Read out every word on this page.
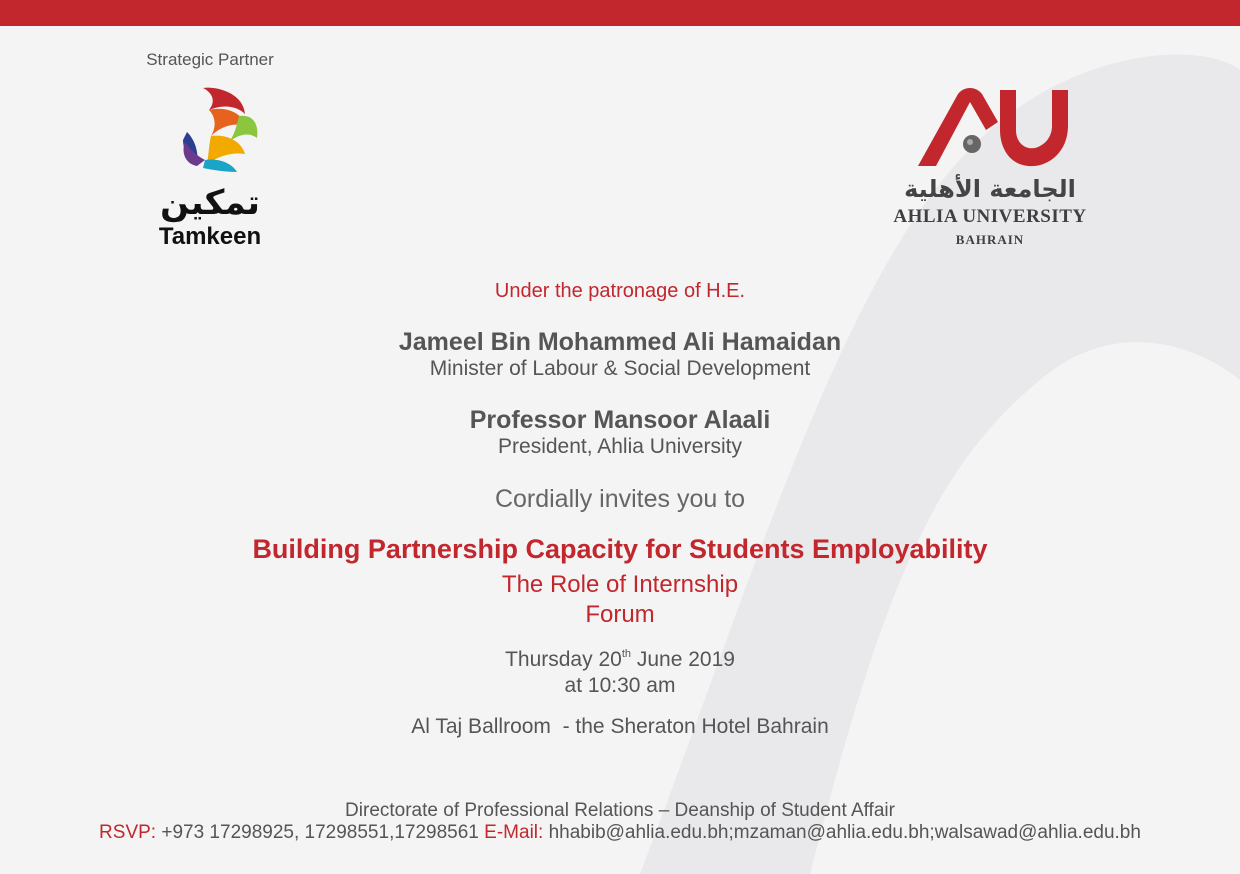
Strategic Partner
تمكين
Tamkeen
الجامعة الأهلية
AHLIA UNIVERSITY
BAHRAIN
Under the patronage of H.E.
Jameel Bin Mohammed Ali Hamaidan
Minister of Labour & Social Development
Professor Mansoor Alaali
President, Ahlia University
Cordially invites you to
Building Partnership Capacity for Students Employability
The Role of Internship
Forum
Thursday 20th June 2019
at 10:30 am
Al Taj Ballroom  - the Sheraton Hotel Bahrain
Directorate of Professional Relations – Deanship of Student Affair
RSVP: +973 17298925, 17298551,17298561 E-Mail: hhabib@ahlia.edu.bh;mzaman@ahlia.edu.bh;walsawad@ahlia.edu.bh
